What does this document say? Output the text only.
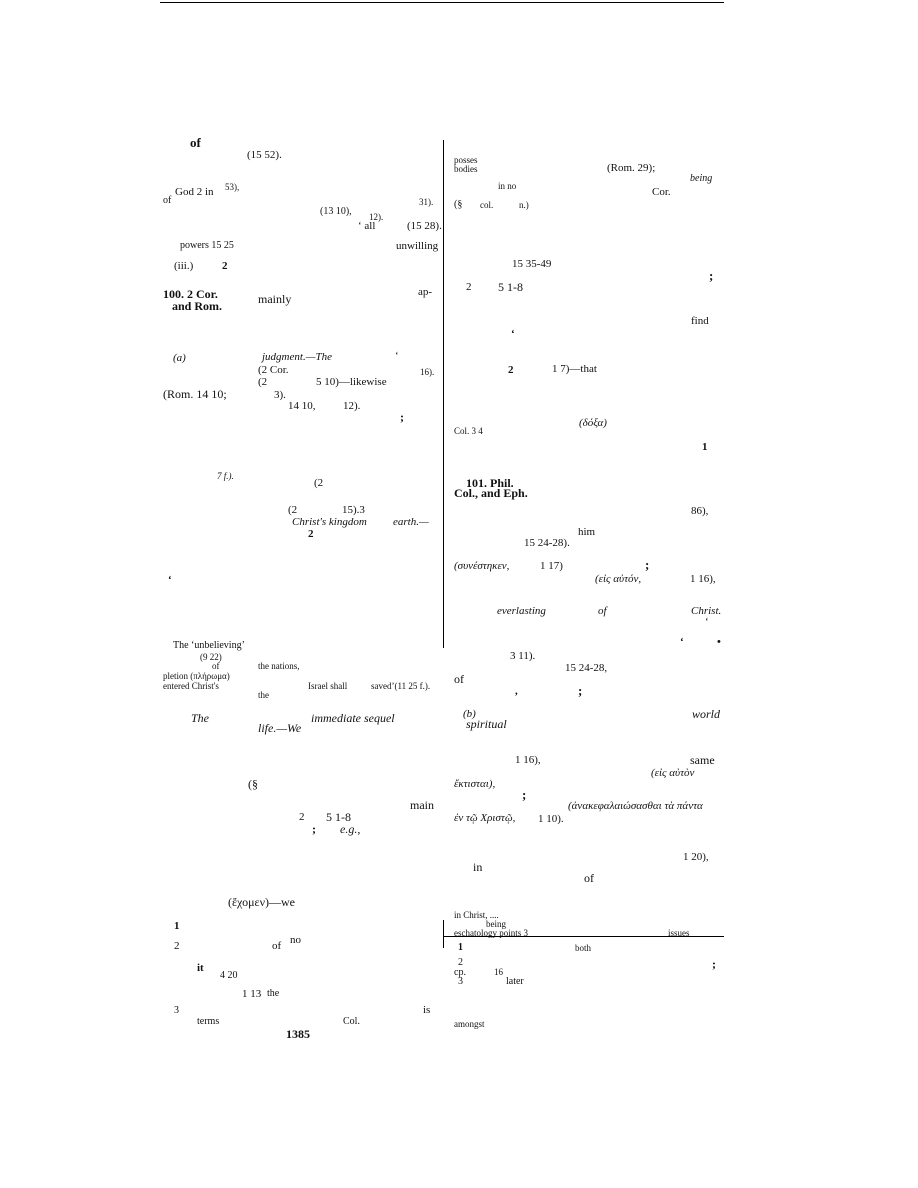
of
(15 52).
God 2 in 53),
of	31).
(13 10), 12).
‘ all	(15 28).
powers 15 25	unwilling
(iii.)	2
100. 2 Cor.
and Rom.	mainly	ap-
(a)	judgment.—The	‘
(2 Cor.	16).
(2	5 10)—likewise
(Rom. 14 10;	3).
14 10,	12).
;
7 f.).
(2
(2	15).3
Christ's kingdom earth.—
2
‘
The ‘unbelieving’
(9 22)
of	the nations,
pletion (πλήρωμα)
entered Christ's	Israel shall	saved’(11 25 f.).
the
The	immediate sequel
life.—We
(§
main
2 5 1-8
; e.g.,
(ἔχομεν)—we
1
no
2	of
it
4 20
1 13 the
3	is
terms	Col.
1385
posses
bodies	(Rom. 29);
being
in no	Cor.
(§ col.	n.)
15 35-49
;
2 5 1-8
find
‘
2	1 7)—that
(δόξα)
Col. 3 4
1
101. Phil.
Col., and Eph.
86),
him
15 24-28).
(συνέστηκεν,	1 17)	;
(εἰς αὐτόν,	1 16),
everlasting	of	Christ.
‘
‘	•
3 11).
15 24-28,
of
,	;
(b)	world
spiritual
1 16),	same
(εἰς αὐτὸν
ἔκτισται),
;
(ἀνακεφαλαιώσασθαι τὰ πάντα
ἐν τῷ Χριστῷ, 1 10).
1 20),
in
of
in Christ, ....
being
eschatology points 3	issues
1	both
2	;
cp.	16
3	later
amongst
